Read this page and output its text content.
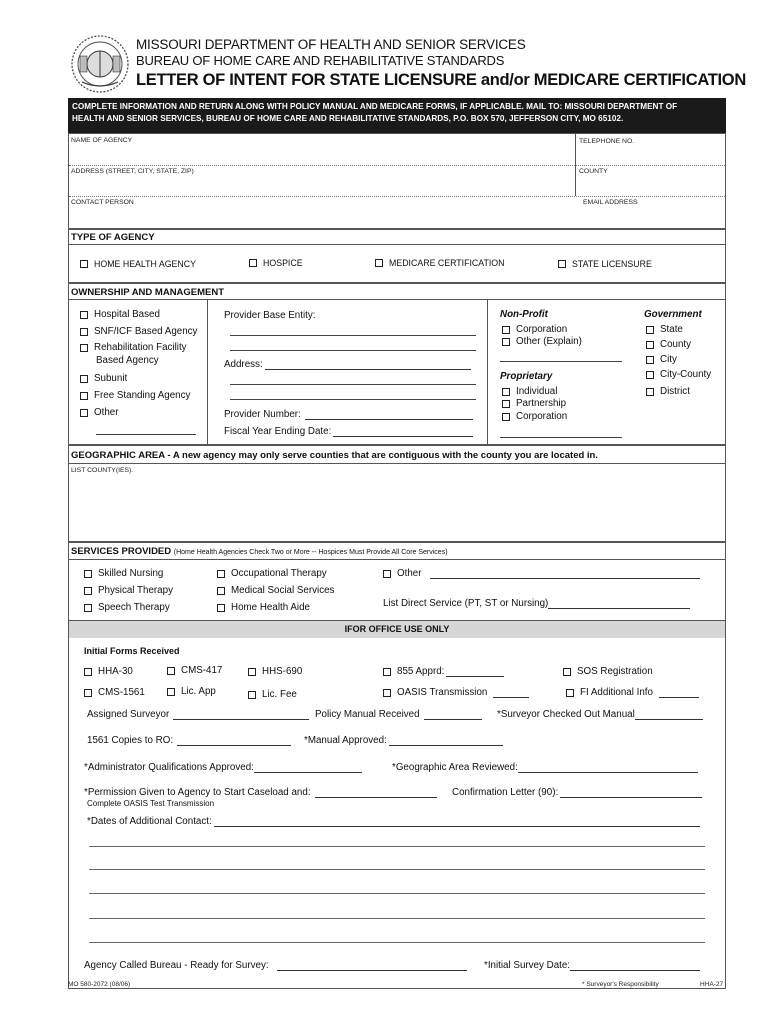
MISSOURI DEPARTMENT OF HEALTH AND SENIOR SERVICES
BUREAU OF HOME CARE AND REHABILITATIVE STANDARDS
LETTER OF INTENT FOR STATE LICENSURE and/or MEDICARE CERTIFICATION
COMPLETE INFORMATION AND RETURN ALONG WITH POLICY MANUAL AND MEDICARE FORMS, IF APPLICABLE. MAIL TO: MISSOURI DEPARTMENT OF
HEALTH AND SENIOR SERVICES, BUREAU OF HOME CARE AND REHABILITATIVE STANDARDS, P.O. BOX 570, JEFFERSON CITY, MO 65102.
NAME OF AGENCY	TELEPHONE NO.
ADDRESS (STREET, CITY, STATE, ZIP)	COUNTY
CONTACT PERSON	EMAIL ADDRESS
TYPE OF AGENCY
HOME HEALTH AGENCY	HOSPICE	MEDICARE CERTIFICATION	STATE LICENSURE
OWNERSHIP AND MANAGEMENT
Hospital Based
SNF/ICF Based Agency
Rehabilitation Facility
Based Agency
Subunit
Free Standing Agency
Other
Provider Base Entity:
Address:
Provider Number:
Fiscal Year Ending Date:
Non-Profit
Corporation
Other (Explain)
Proprietary
Individual
Partnership
Corporation
Government
State
County
City
City-County
District
GEOGRAPHIC AREA - A new agency may only serve counties that are contiguous with the county you are located in.
LIST COUNTY(IES).
SERVICES PROVIDED (Home Health Agencies Check Two or More -- Hospices Must Provide All Core Services)
Skilled Nursing
Physical Therapy
Speech Therapy
Occupational Therapy
Medical Social Services
Home Health Aide
Other
List Direct Service (PT, ST or Nursing)
IFOR OFFICE USE ONLY
Initial Forms Received
HHA-30	CMS-417	HHS-690	855 Apprd:	SOS Registration
CMS-1561	Lic. App	Lic. Fee	OASIS Transmission	FI Additional Info
Assigned Surveyor	Policy Manual Received	*Surveyor Checked Out Manual
1561 Copies to RO:	*Manual Approved:
*Administrator Qualifications Approved:	*Geographic Area Reviewed:
*Permission Given to Agency to Start Caseload and:	Confirmation Letter (90):
Complete OASIS Test Transmission
*Dates of Additional Contact:
Agency Called Bureau - Ready for Survey:	*Initial Survey Date:
MO 580-2072 (08/06)	* Surveyor's Responsibility	HHA-27
